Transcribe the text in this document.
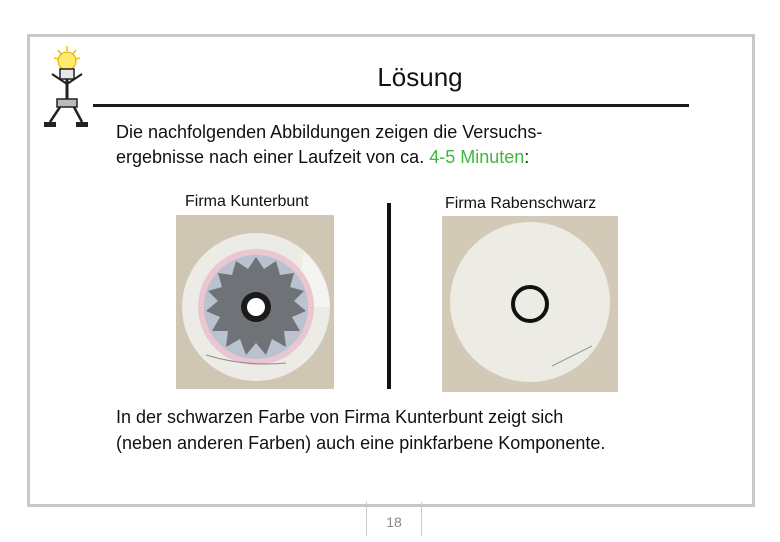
Lösung
Die nachfolgenden Abbildungen zeigen die Versuchs-
ergebnisse nach einer Laufzeit von ca. 4-5 Minuten:
Firma Kunterbunt	Firma Rabenschwarz
In der schwarzen Farbe von Firma Kunterbunt zeigt sich
(neben anderen Farben) auch eine pinkfarbene Komponente.
18
